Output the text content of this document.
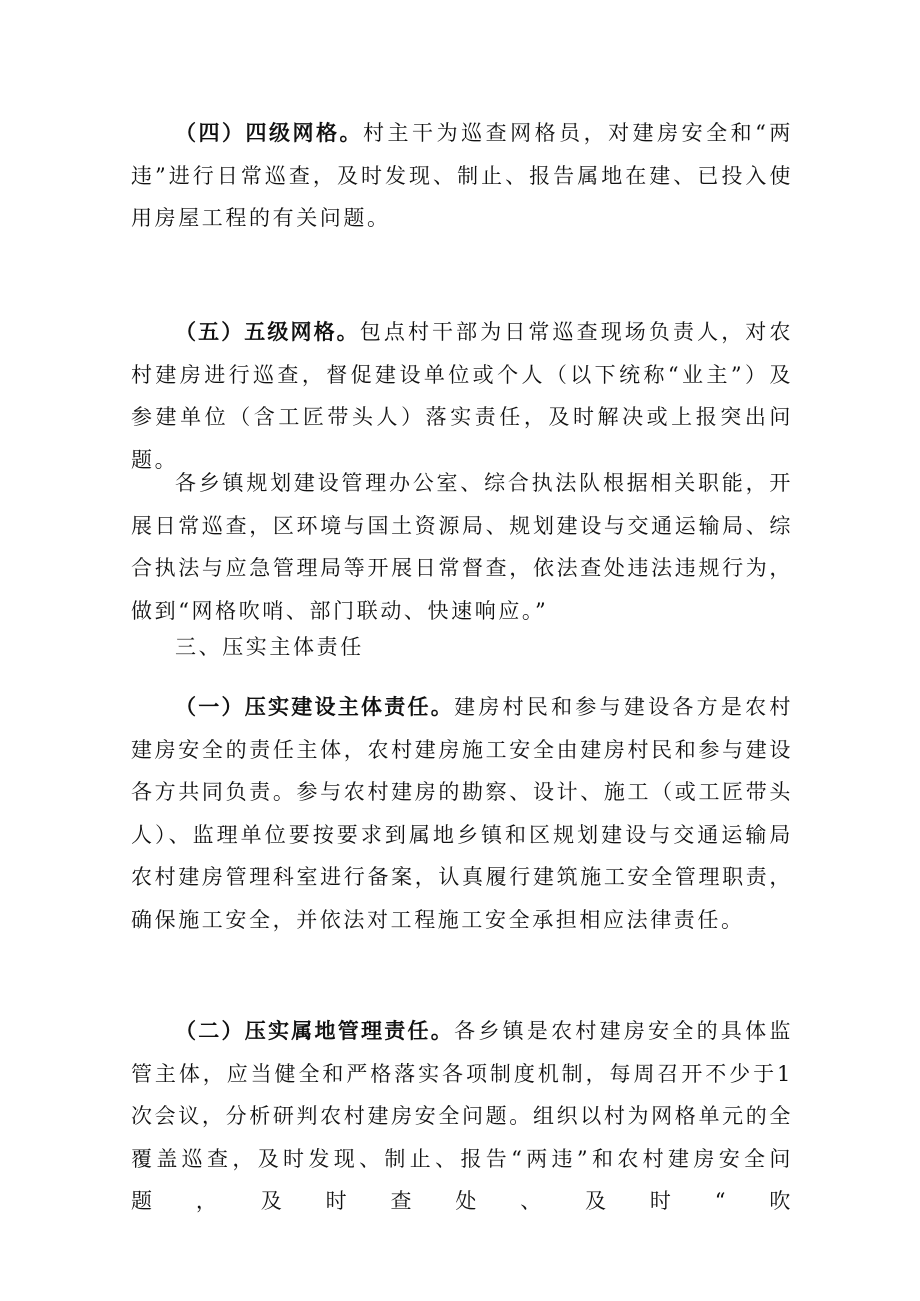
（四）四级网格。村主干为巡查网格员，对建房安全和“两违”进行日常巡查，及时发现、制止、报告属地在建、已投入使用房屋工程的有关问题。

（五）五级网格。包点村干部为日常巡查现场负责人，对农村建房进行巡查，督促建设单位或个人（以下统称“业主”）及参建单位（含工匠带头人）落实责任，及时解决或上报突出问题。

各乡镇规划建设管理办公室、综合执法队根据相关职能，开展日常巡查，区环境与国土资源局、规划建设与交通运输局、综合执法与应急管理局等开展日常督查，依法查处违法违规行为，做到“网格吹哨、部门联动、快速响应。”

三、压实主体责任

（一）压实建设主体责任。建房村民和参与建设各方是农村建房安全的责任主体，农村建房施工安全由建房村民和参与建设各方共同负责。参与农村建房的勘察、设计、施工（或工匠带头人）、监理单位要按要求到属地乡镇和区规划建设与交通运输局农村建房管理科室进行备案，认真履行建筑施工安全管理职责，确保施工安全，并依法对工程施工安全承担相应法律责任。

（二）压实属地管理责任。各乡镇是农村建房安全的具体监管主体，应当健全和严格落实各项制度机制，每周召开不少于1次会议，分析研判农村建房安全问题。组织以村为网格单元的全覆盖巡查，及时发现、制止、报告“两违”和农村建房安全问题，及时查处、及时“吹
